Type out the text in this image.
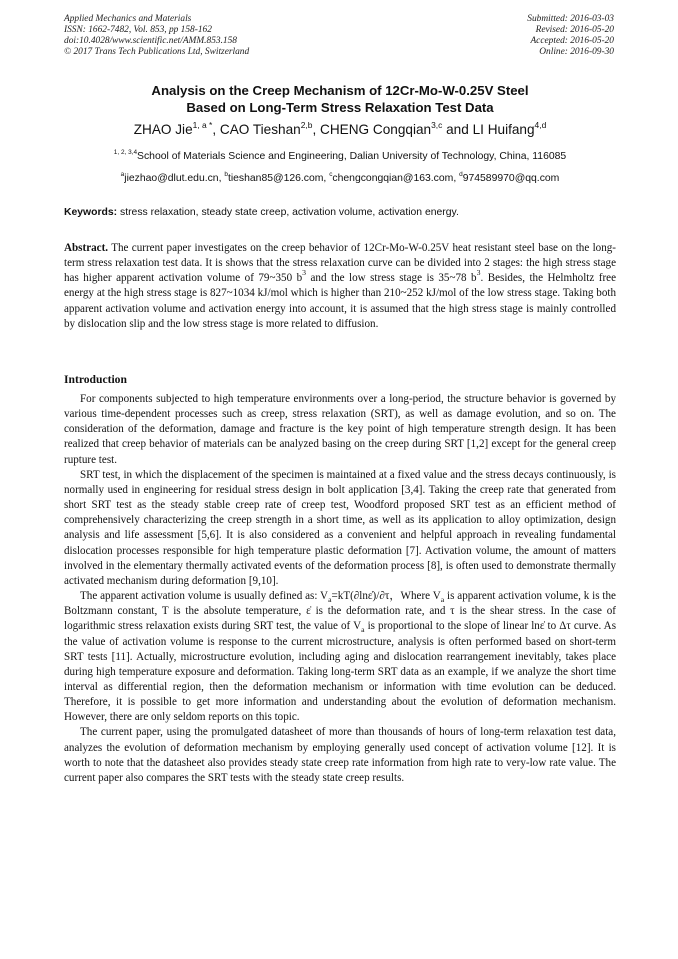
Applied Mechanics and Materials
ISSN: 1662-7482, Vol. 853, pp 158-162
doi:10.4028/www.scientific.net/AMM.853.158
© 2017 Trans Tech Publications Ltd, Switzerland
Submitted: 2016-03-03
Revised: 2016-05-20
Accepted: 2016-05-20
Online: 2016-09-30
Analysis on the Creep Mechanism of 12Cr-Mo-W-0.25V Steel
Based on Long-Term Stress Relaxation Test Data
ZHAO Jie$^{1, a *}$, CAO Tieshan$^{2,b}$, CHENG Congqian$^{3,c}$ and LI Huifang$^{4,d}$
$^{1, 2, 3,4}$School of Materials Science and Engineering, Dalian University of Technology, China, 116085
$^a$jiezhao@dlut.edu.cn, $^b$tieshan85@126.com, $^c$chengcongqian@163.com, $^d$974589970@qq.com
Keywords: stress relaxation, steady state creep, activation volume, activation energy.
Abstract. The current paper investigates on the creep behavior of 12Cr-Mo-W-0.25V heat resistant steel base on the long-term stress relaxation test data. It is shows that the stress relaxation curve can be divided into 2 stages: the high stress stage has higher apparent activation volume of 79~350 $b^3$ and the low stress stage is 35~78 $b^3$. Besides, the Helmholtz free energy at the high stress stage is 827~1034 kJ/mol which is higher than 210~252 kJ/mol of the low stress stage. Taking both apparent activation volume and activation energy into account, it is assumed that the high stress stage is mainly controlled by dislocation slip and the low stress stage is more related to diffusion.
Introduction

For components subjected to high temperature environments over a long-period, the structure behavior is governed by various time-dependent processes such as creep, stress relaxation (SRT), as well as damage evolution, and so on. The consideration of the deformation, damage and fracture is the key point of high temperature strength design. It has been realized that creep behavior of materials can be analyzed basing on the creep during SRT [1,2] except for the general creep rupture test.

SRT test, in which the displacement of the specimen is maintained at a fixed value and the stress decays continuously, is normally used in engineering for residual stress design in bolt application [3,4]. Taking the creep rate that generated from short SRT test as the steady stable creep rate of creep test, Woodford proposed SRT test as an efficient method of comprehensively characterizing the creep strength in a short time, as well as its application to alloy optimization, design analysis and life assessment [5,6]. It is also considered as a convenient and helpful approach in revealing fundamental dislocation processes responsible for high temperature plastic deformation [7]. Activation volume, the amount of matters involved in the elementary thermally activated events of the deformation process [8], is often used to demonstrate thermally activated mechanism during deformation [9,10].

The apparent activation volume is usually defined as: $V_a=kT(\partial\ln\varepsiloṅ)/\partial\tau$，Where $V_a$ is apparent activation volume, k is the Boltzmann constant, T is the absolute temperature, ε̇ is the deformation rate, and τ is the shear stress. In the case of logarithmic stress relaxation exists during SRT test, the value of $V_a$ is proportional to the slope of linear lnε̇ to Δτ curve. As the value of activation volume is response to the current microstructure, analysis is often performed based on short-term SRT tests [11]. Actually, microstructure evolution, including aging and dislocation rearrangement inevitably, takes place during high temperature exposure and deformation. Taking long-term SRT data as an example, if we analyze the short time interval as differential region, then the deformation mechanism or information with time evolution can be deduced. Therefore, it is possible to get more information and understanding about the evolution of deformation mechanism. However, there are only seldom reports on this topic.

The current paper, using the promulgated datasheet of more than thousands of hours of long-term relaxation test data, analyzes the evolution of deformation mechanism by employing generally used concept of activation volume [12]. It is worth to note that the datasheet also provides steady state creep rate information from high rate to very-low rate value. The current paper also compares the SRT tests with the steady state creep results.
